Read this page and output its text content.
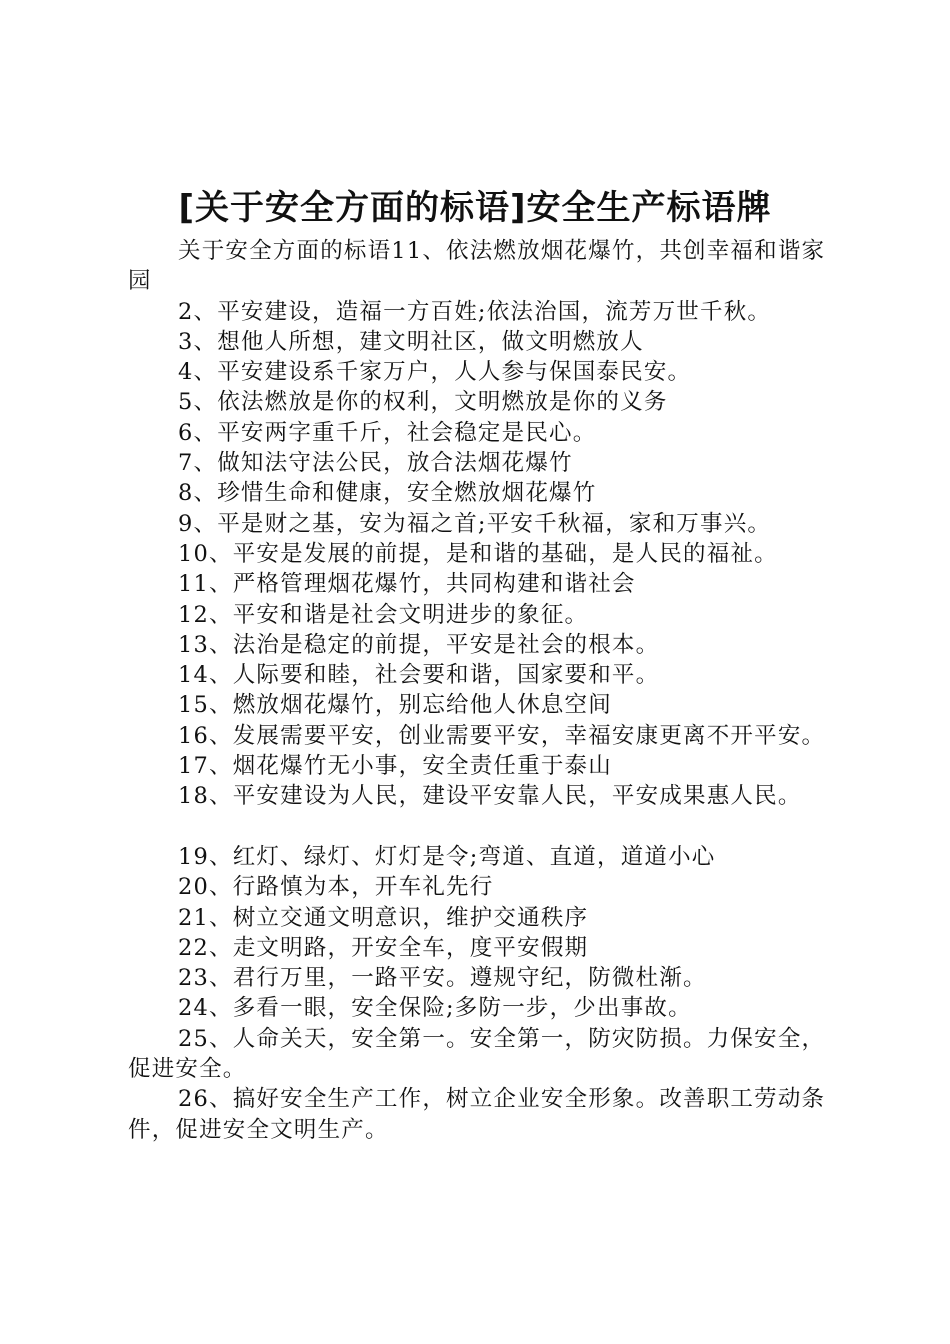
[关于安全方面的标语]安全生产标语牌

关于安全方面的标语11、依法燃放烟花爆竹，共创幸福和谐家园

2、平安建设，造福一方百姓;依法治国，流芳万世千秋。

3、想他人所想，建文明社区，做文明燃放人

4、平安建设系千家万户，人人参与保国泰民安。

5、依法燃放是你的权利，文明燃放是你的义务

6、平安两字重千斤，社会稳定是民心。

7、做知法守法公民，放合法烟花爆竹

8、珍惜生命和健康，安全燃放烟花爆竹

9、平是财之基，安为福之首;平安千秋福，家和万事兴。

10、平安是发展的前提，是和谐的基础，是人民的福祉。

11、严格管理烟花爆竹，共同构建和谐社会

12、平安和谐是社会文明进步的象征。

13、法治是稳定的前提，平安是社会的根本。

14、人际要和睦，社会要和谐，国家要和平。

15、燃放烟花爆竹，别忘给他人休息空间

16、发展需要平安，创业需要平安，幸福安康更离不开平安。

17、烟花爆竹无小事，安全责任重于泰山

18、平安建设为人民，建设平安靠人民，平安成果惠人民。

19、红灯、绿灯、灯灯是令;弯道、直道，道道小心

20、行路慎为本，开车礼先行

21、树立交通文明意识，维护交通秩序

22、走文明路，开安全车，度平安假期

23、君行万里，一路平安。遵规守纪，防微杜渐。

24、多看一眼，安全保险;多防一步，少出事故。

25、人命关天，安全第一。安全第一，防灾防损。力保安全，促进安全。

26、搞好安全生产工作，树立企业安全形象。改善职工劳动条件，促进安全文明生产。
